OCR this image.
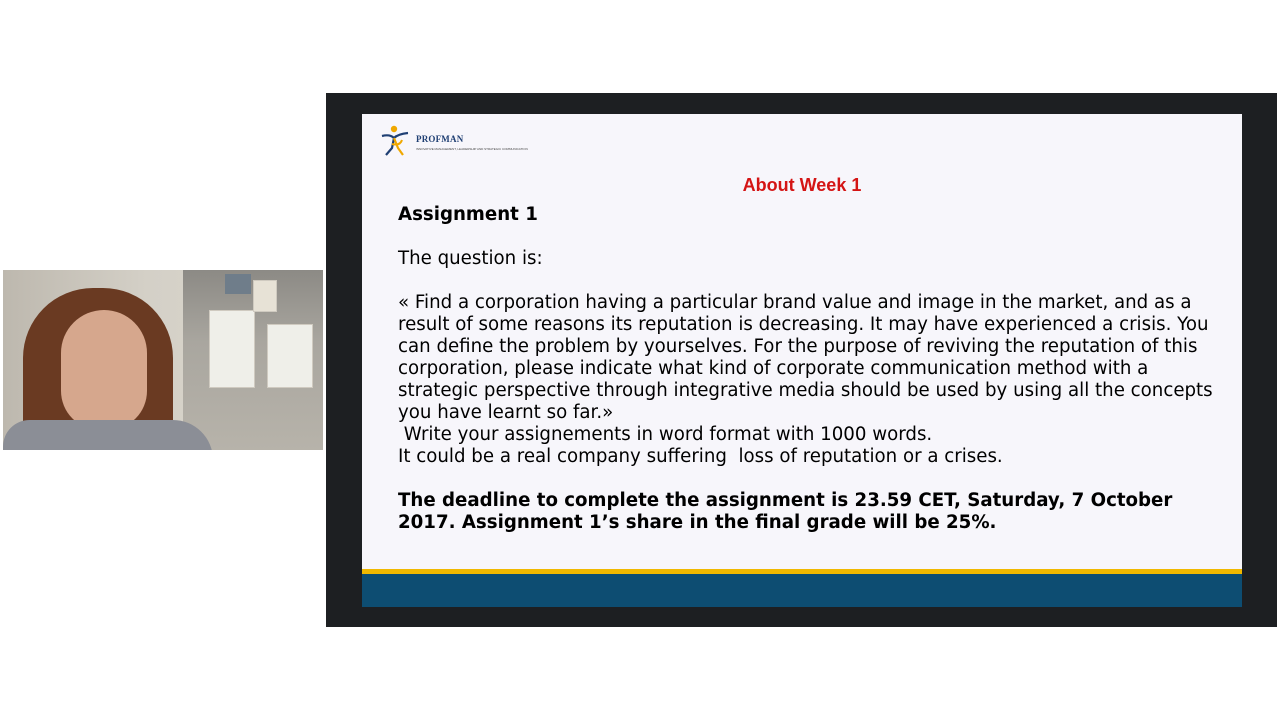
PROFMAN
INNOVATIVE MANAGEMENT, LEADERSHIP AND STRATEGIC COMMUNICATION
About Week 1

Assignment 1

The question is:

« Find a corporation having a particular brand value and image in the market, and as a result of some reasons its reputation is decreasing. It may have experienced a crisis. You can define the problem by yourselves. For the purpose of reviving the reputation of this corporation, please indicate what kind of corporate communication method with a strategic perspective through integrative media should be used by using all the concepts you have learnt so far.»

Write your assignements in word format with 1000 words.

It could be a real company suffering  loss of reputation or a crises.

The deadline to complete the assignment is 23.59 CET, Saturday, 7 October 2017. Assignment 1’s share in the final grade will be 25%.
